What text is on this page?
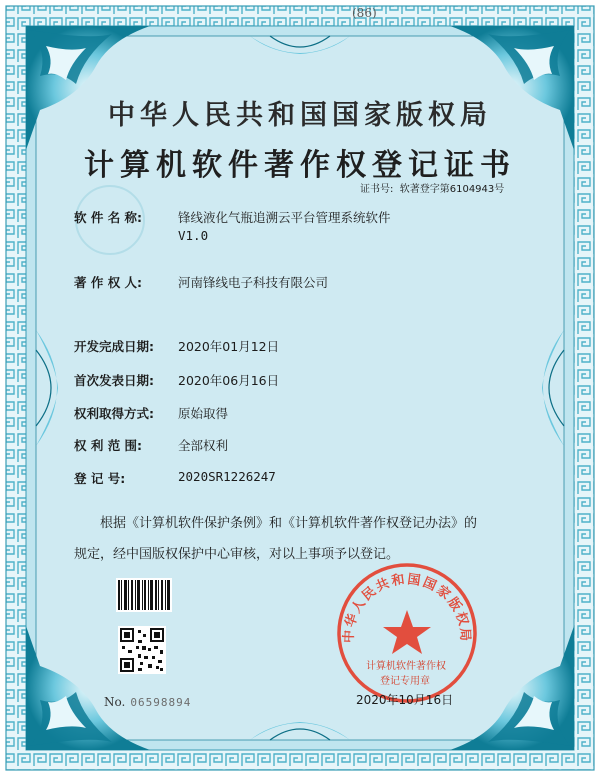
(86)
中华人民共和国国家版权局
计算机软件著作权登记证书
证书号: 软著登字第6104943号
软 件 名 称:	锋线液化气瓶追溯云平台管理系统软件
V1.0
著 作 权 人:	河南锋线电子科技有限公司
开发完成日期: 2020年01月12日
首次发表日期: 2020年06月16日
权利取得方式: 原始取得
权 利 范 围:	全部权利
登 记 号:	2020SR1226247
根据《计算机软件保护条例》和《计算机软件著作权登记办法》的
规定，经中国版权保护中心审核，对以上事项予以登记。
No. 06598894
中华人民共和国国家版权局
计算机软件著作权
登记专用章
2020年10月16日
